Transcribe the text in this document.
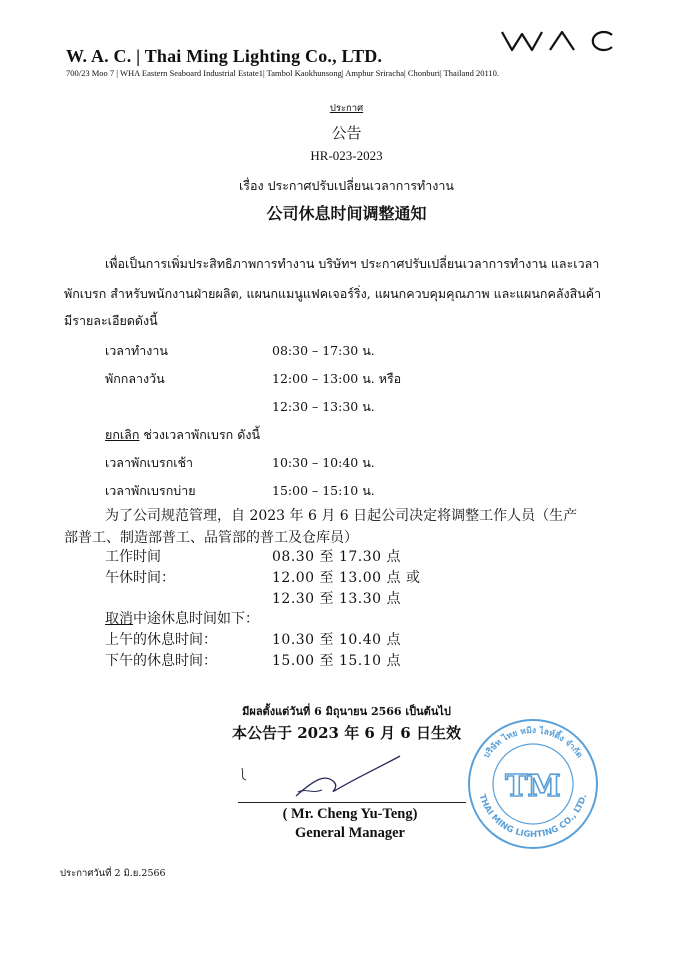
W. A. C. | Thai Ming Lighting Co., LTD.
700/23 Moo 7 | WHA Eastern Seaboard Industrial Estate1| Tambol Kaokhunsong| Amphur Sriracha| Chonburi| Thailand 20110.
ประกาศ
公告
HR-023-2023
เรื่อง ประกาศปรับเปลี่ยนเวลาการทำงาน
公司休息时间调整通知
เพื่อเป็นการเพิ่มประสิทธิภาพการทำงาน บริษัทฯ ประกาศปรับเปลี่ยนเวลาการทำงาน และเวลา
พักเบรก สำหรับพนักงานฝ่ายผลิต, แผนกแมนูแฟคเจอร์ริ่ง, แผนกควบคุมคุณภาพ และแผนกคลังสินค้า
มีรายละเอียดดังนี้
เวลาทำงาน	08:30 – 17:30 น.
พักกลางวัน	12:00 – 13:00 น. หรือ
12:30 – 13:30 น.
ยกเลิก ช่วงเวลาพักเบรก ดังนี้
เวลาพักเบรกเช้า	10:30 – 10:40 น.
เวลาพักเบรกบ่าย	15:00 – 15:10 น.
为了公司规范管理，自 2023 年 6 月 6 日起公司决定将调整工作人员（生产
部普工、制造部普工、品管部的普工及仓库员）
工作时间	08.30 至 17.30 点
午休时间：	12.00 至 13.00 点 或
12.30 至 13.30 点
取消中途休息时间如下：
上午的休息时间：	10.30 至 10.40 点
下午的休息时间：	15.00 至 15.10 点
มีผลตั้งแต่วันที่ 6 มิถุนายน 2566 เป็นต้นไป
本公告于 2023 年 6 月 6 日生效
( Mr. Cheng Yu-Teng)
General Manager
บริษัท ไทย หมิง ไลท์ติ้ง จำกัด
THAI MING LIGHTING CO., LTD.
TM
ประกาศวันที่ 2 มิ.ย.2566
